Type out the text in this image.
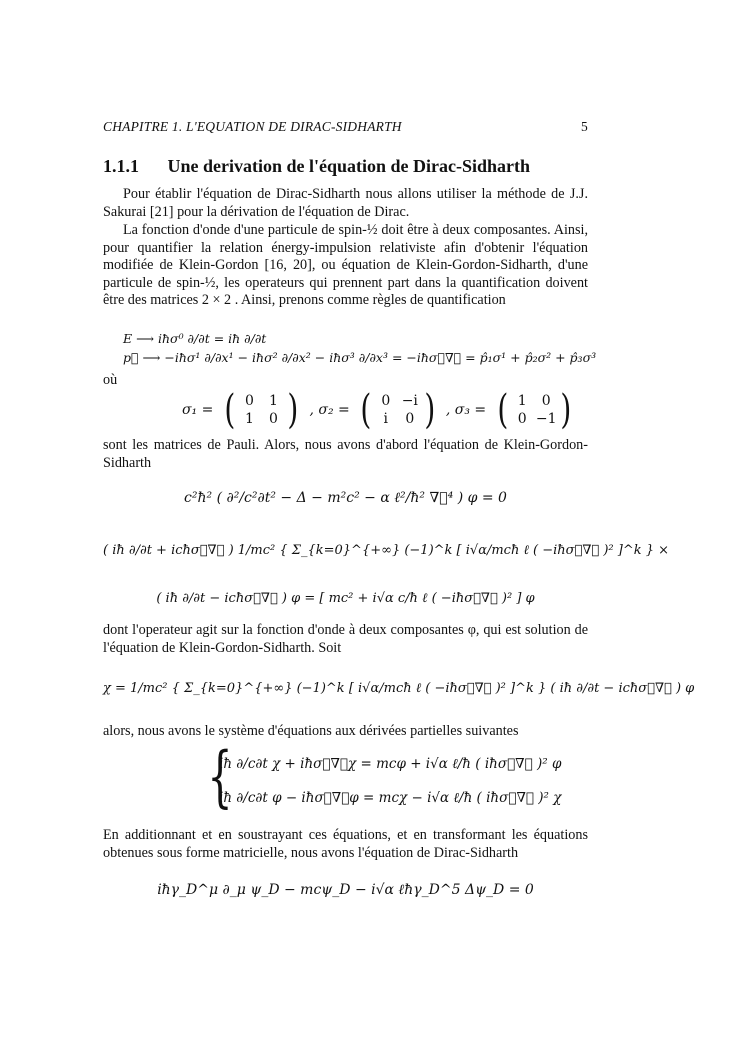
CHAPITRE 1. L'EQUATION DE DIRAC-SIDHARTH	5
1.1.1 Une derivation de l'équation de Dirac-Sidharth
Pour établir l'équation de Dirac-Sidharth nous allons utiliser la méthode de J.J. Sakurai [21] pour la dérivation de l'équation de Dirac.
La fonction d'onde d'une particule de spin-½ doit être à deux composantes. Ainsi, pour quantifier la relation énergy-impulsion relativiste afin d'obtenir l'équation modifiée de Klein-Gordon [16, 20], ou équation de Klein-Gordon-Sidharth, d'une particule de spin-½, les operateurs qui prennent part dans la quantification doivent être des matrices 2 × 2 . Ainsi, prenons comme règles de quantification
E ⟶ iħσ⁰ ∂/∂t = iħ ∂/∂t
p⃗ ⟶ −iħσ¹ ∂/∂x¹ − iħσ² ∂/∂x² − iħσ³ ∂/∂x³ = −iħσ⃗∇⃗ = p̂₁σ¹ + p̂₂σ² + p̂₃σ³
où
σ₁ = ( 0	1
1	0 ) , σ₂ = ( 0 −i
i	0 ) , σ₃ = ( 1	0
0 −1 )
sont les matrices de Pauli. Alors, nous avons d'abord l'équation de Klein-Gordon-Sidharth
c²ħ² ( ∂²/c²∂t² − Δ − m²c² − α ℓ²/ħ² ∇⃗⁴ ) φ = 0
( iħ ∂/∂t + icħσ⃗∇⃗ ) 1/mc² { Σ_{k=0}^{+∞} (−1)^k [ i√α/mcħ ℓ ( −iħσ⃗∇⃗ )² ]^k } ×
( iħ ∂/∂t − icħσ⃗∇⃗ ) φ = [ mc² + i√α c/ħ ℓ ( −iħσ⃗∇⃗ )² ] φ
dont l'operateur agit sur la fonction d'onde à deux composantes φ, qui est solution de l'équation de Klein-Gordon-Sidharth. Soit
χ = 1/mc² { Σ_{k=0}^{+∞} (−1)^k [ i√α/mcħ ℓ ( −iħσ⃗∇⃗ )² ]^k } ( iħ ∂/∂t − icħσ⃗∇⃗ ) φ
alors, nous avons le système d'équations aux dérivées partielles suivantes
{
iħ ∂/c∂t χ + iħσ⃗∇⃗χ = mcφ + i√α ℓ/ħ ( iħσ⃗∇⃗ )² φ
iħ ∂/c∂t φ − iħσ⃗∇⃗φ = mcχ − i√α ℓ/ħ ( iħσ⃗∇⃗ )² χ
En additionnant et en soustrayant ces équations, et en transformant les équations obtenues sous forme matricielle, nous avons l'équation de Dirac-Sidharth
iħγ_D^μ ∂_μ ψ_D − mcψ_D − i√α ℓħγ_D^5 Δψ_D = 0
